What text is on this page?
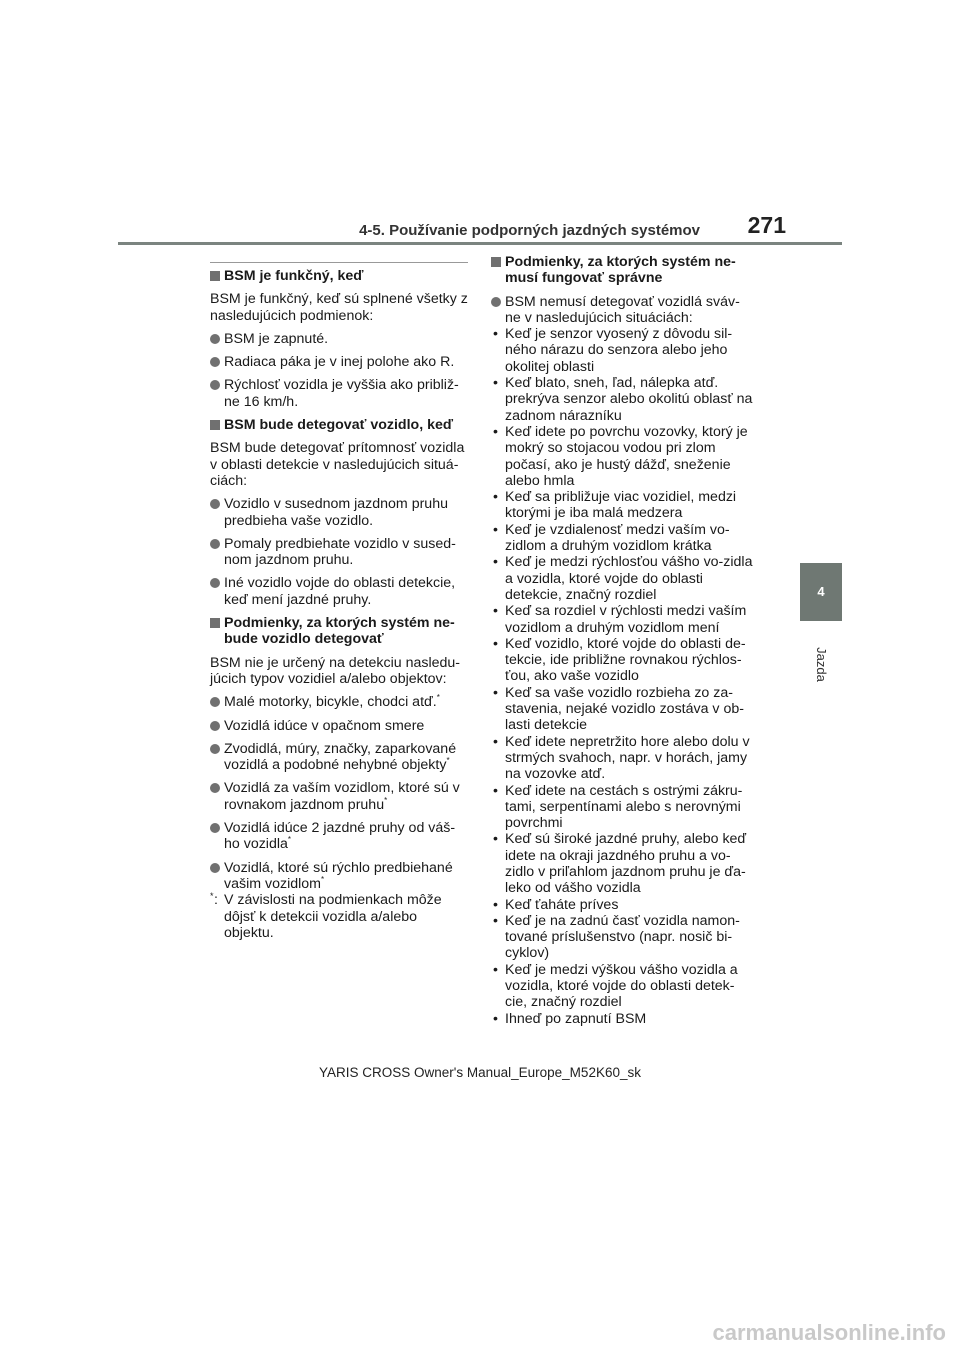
4-5. Používanie podporných jazdných systémov	271
4
Jazda
BSM je funkčný, keď
BSM je funkčný, keď sú splnené všetky z nasledujúcich podmienok:
BSM je zapnuté.
Radiaca páka je v inej polohe ako R.
Rýchlosť vozidla je vyššia ako približ-ne 16 km/h.
BSM bude detegovať vozidlo, keď
BSM bude detegovať prítomnosť vozidla v oblasti detekcie v nasledujúcich situá-ciách:
Vozidlo v susednom jazdnom pruhu predbieha vaše vozidlo.
Pomaly predbiehate vozidlo v sused-nom jazdnom pruhu.
Iné vozidlo vojde do oblasti detekcie, keď mení jazdné pruhy.
Podmienky, za ktorých systém ne-bude vozidlo detegovať
BSM nie je určený na detekciu nasledu-júcich typov vozidiel a/alebo objektov:
Malé motorky, bicykle, chodci atď.*
Vozidlá idúce v opačnom smere
Zvodidlá, múry, značky, zaparkované vozidlá a podobné nehybné objekty*
Vozidlá za vaším vozidlom, ktoré sú v rovnakom jazdnom pruhu*
Vozidlá idúce 2 jazdné pruhy od váš-ho vozidla*
Vozidlá, ktoré sú rýchlo predbiehané vašim vozidlom*
* : V závislosti na podmienkach môže dôjsť k detekcii vozidla a/alebo objektu.
Podmienky, za ktorých systém ne-musí fungovať správne
BSM nemusí detegovať vozidlá sváv-ne v nasledujúcich situáciách:
• Keď je senzor vyosený z dôvodu sil-ného nárazu do senzora alebo jeho okolitej oblasti
• Keď blato, sneh, ľad, nálepka atď. prekrýva senzor alebo okolitú oblasť na zadnom nárazníku
• Keď idete po povrchu vozovky, ktorý je mokrý so stojacou vodou pri zlom počasí, ako je hustý dážď, sneženie alebo hmla
• Keď sa približuje viac vozidiel, medzi ktorými je iba malá medzera
• Keď je vzdialenosť medzi vaším vo-zidlom a druhým vozidlom krátka
• Keď je medzi rýchlosťou vášho vo-zidla a vozidla, ktoré vojde do oblasti detekcie, značný rozdiel
• Keď sa rozdiel v rýchlosti medzi vaším vozidlom a druhým vozidlom mení
• Keď vozidlo, ktoré vojde do oblasti de-tekcie, ide približne rovnakou rýchlos-ťou, ako vaše vozidlo
• Keď sa vaše vozidlo rozbieha zo za-stavenia, nejaké vozidlo zostáva v ob-lasti detekcie
• Keď idete nepretržito hore alebo dolu v strmých svahoch, napr. v horách, jamy na vozovke atď.
• Keď idete na cestách s ostrými zákru-tami, serpentínami alebo s nerovnými povrchmi
• Keď sú široké jazdné pruhy, alebo keď idete na okraji jazdného pruhu a vo-zidlo v priľahlom jazdnom pruhu je ďa-leko od vášho vozidla
• Keď ťaháte príves
• Keď je na zadnú časť vozidla namon-tované príslušenstvo (napr. nosič bi-cyklov)
• Keď je medzi výškou vášho vozidla a vozidla, ktoré vojde do oblasti detek-cie, značný rozdiel
• Ihneď po zapnutí BSM
YARIS CROSS Owner's Manual_Europe_M52K60_sk
carmanualsonline.info
